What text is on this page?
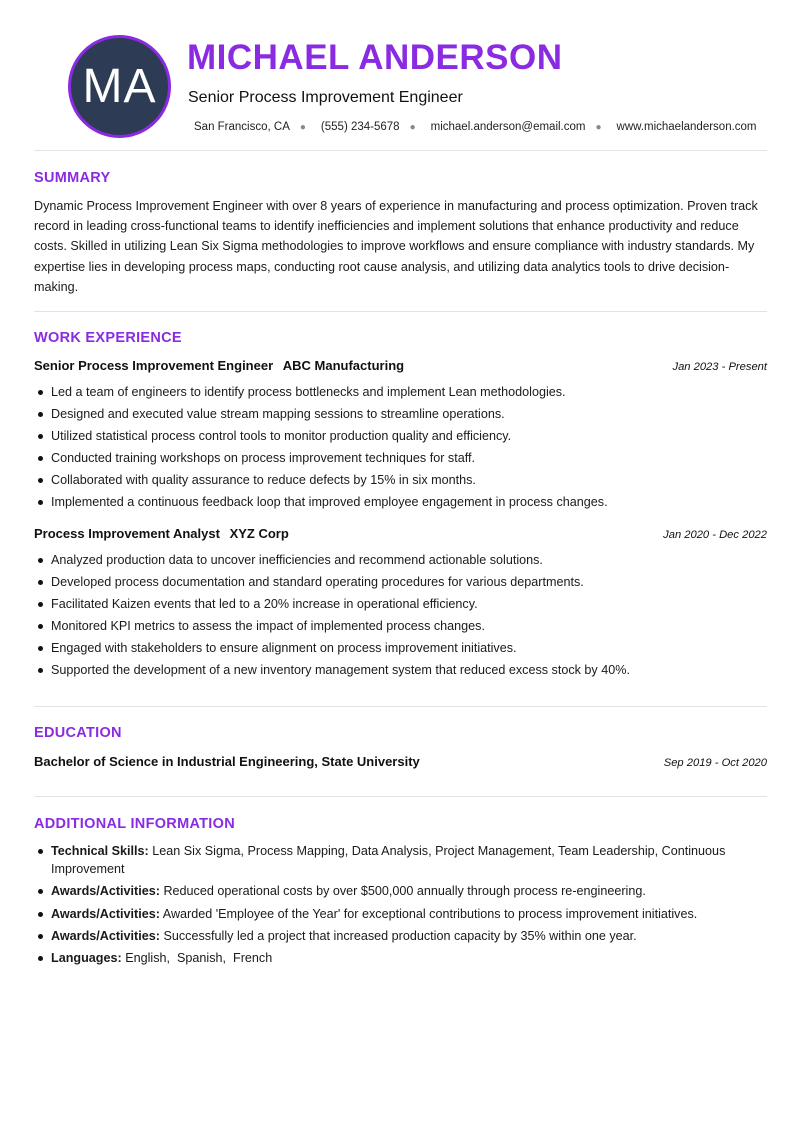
MA
MICHAEL ANDERSON
Senior Process Improvement Engineer
San Francisco, CA ● (555) 234-5678 ● michael.anderson@email.com ● www.michaelanderson.com
SUMMARY
Dynamic Process Improvement Engineer with over 8 years of experience in manufacturing and process optimization. Proven track record in leading cross-functional teams to identify inefficiencies and implement solutions that enhance productivity and reduce costs. Skilled in utilizing Lean Six Sigma methodologies to improve workflows and ensure compliance with industry standards. My expertise lies in developing process maps, conducting root cause analysis, and utilizing data analytics tools to drive decision-making.
WORK EXPERIENCE
Senior Process Improvement Engineer ABC Manufacturing	Jan 2023 - Present
Led a team of engineers to identify process bottlenecks and implement Lean methodologies.
Designed and executed value stream mapping sessions to streamline operations.
Utilized statistical process control tools to monitor production quality and efficiency.
Conducted training workshops on process improvement techniques for staff.
Collaborated with quality assurance to reduce defects by 15% in six months.
Implemented a continuous feedback loop that improved employee engagement in process changes.
Process Improvement Analyst XYZ Corp	Jan 2020 - Dec 2022
Analyzed production data to uncover inefficiencies and recommend actionable solutions.
Developed process documentation and standard operating procedures for various departments.
Facilitated Kaizen events that led to a 20% increase in operational efficiency.
Monitored KPI metrics to assess the impact of implemented process changes.
Engaged with stakeholders to ensure alignment on process improvement initiatives.
Supported the development of a new inventory management system that reduced excess stock by 40%.
EDUCATION
Bachelor of Science in Industrial Engineering, State University	Sep 2019 - Oct 2020
ADDITIONAL INFORMATION
Technical Skills: Lean Six Sigma, Process Mapping, Data Analysis, Project Management, Team Leadership, Continuous Improvement
Awards/Activities: Reduced operational costs by over $500,000 annually through process re-engineering.
Awards/Activities: Awarded 'Employee of the Year' for exceptional contributions to process improvement initiatives.
Awards/Activities: Successfully led a project that increased production capacity by 35% within one year.
Languages: English,  Spanish,  French
